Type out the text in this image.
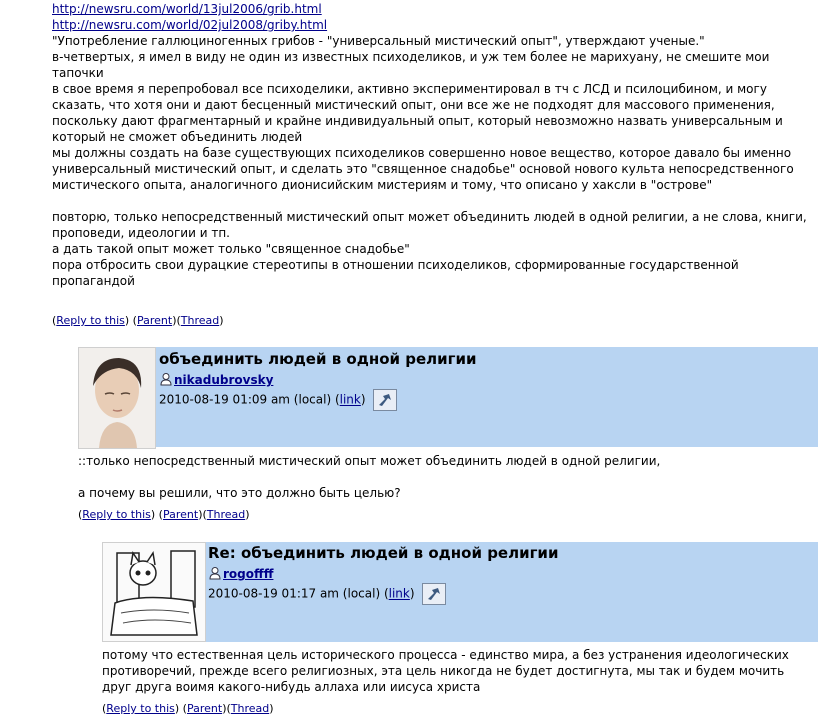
http://newsru.com/world/13jul2006/grib.html

http://newsru.com/world/02jul2008/griby.html

"Употребление галлюциногенных грибов - "универсальный мистический опыт", утверждают ученые."

в-четвертых, я имел в виду не один из известных психоделиков, и уж тем более не марихуану, не смешите мои тапочки

в свое время я перепробовал все психоделики, активно экспериментировал в тч с ЛСД и псилоцибином, и могу сказать, что хотя они и дают бесценный мистический опыт, они все же не подходят для массового применения, поскольку дают фрагментарный и крайне индивидуальный опыт, который невозможно назвать универсальным и который не сможет объединить людей

мы должны создать на базе существующих психоделиков совершенно новое вещество, которое давало бы именно универсальный мистический опыт, и сделать это "священное снадобье" основой нового культа непосредственного мистического опыта, аналогичного дионисийским мистериям и тому, что описано у хаксли в "острове"

повторю, только непосредственный мистический опыт может объединить людей в одной религии, а не слова, книги, проповеди, идеологии и тп.

а дать такой опыт может только "священное снадобье"

пора отбросить свои дурацкие стереотипы в отношении психоделиков, сформированные государственной пропагандой

(Reply to this) (Parent)(Thread)
объединить людей в одной религии
nikadubrovsky
2010-08-19 01:09 am (local) (link)

::только непосредственный мистический опыт может объединить людей в одной религии,

а почему вы решили, что это должно быть целью?

(Reply to this) (Parent)(Thread)
Re: объединить людей в одной религии
rogoffff
2010-08-19 01:17 am (local) (link)

потому что естественная цель исторического процесса - единство мира, а без устранения идеологических противоречий, прежде всего религиозных, эта цель никогда не будет достигнута, мы так и будем мочить друг друга воимя какого-нибудь аллаха или иисуса христа

(Reply to this) (Parent)(Thread)
